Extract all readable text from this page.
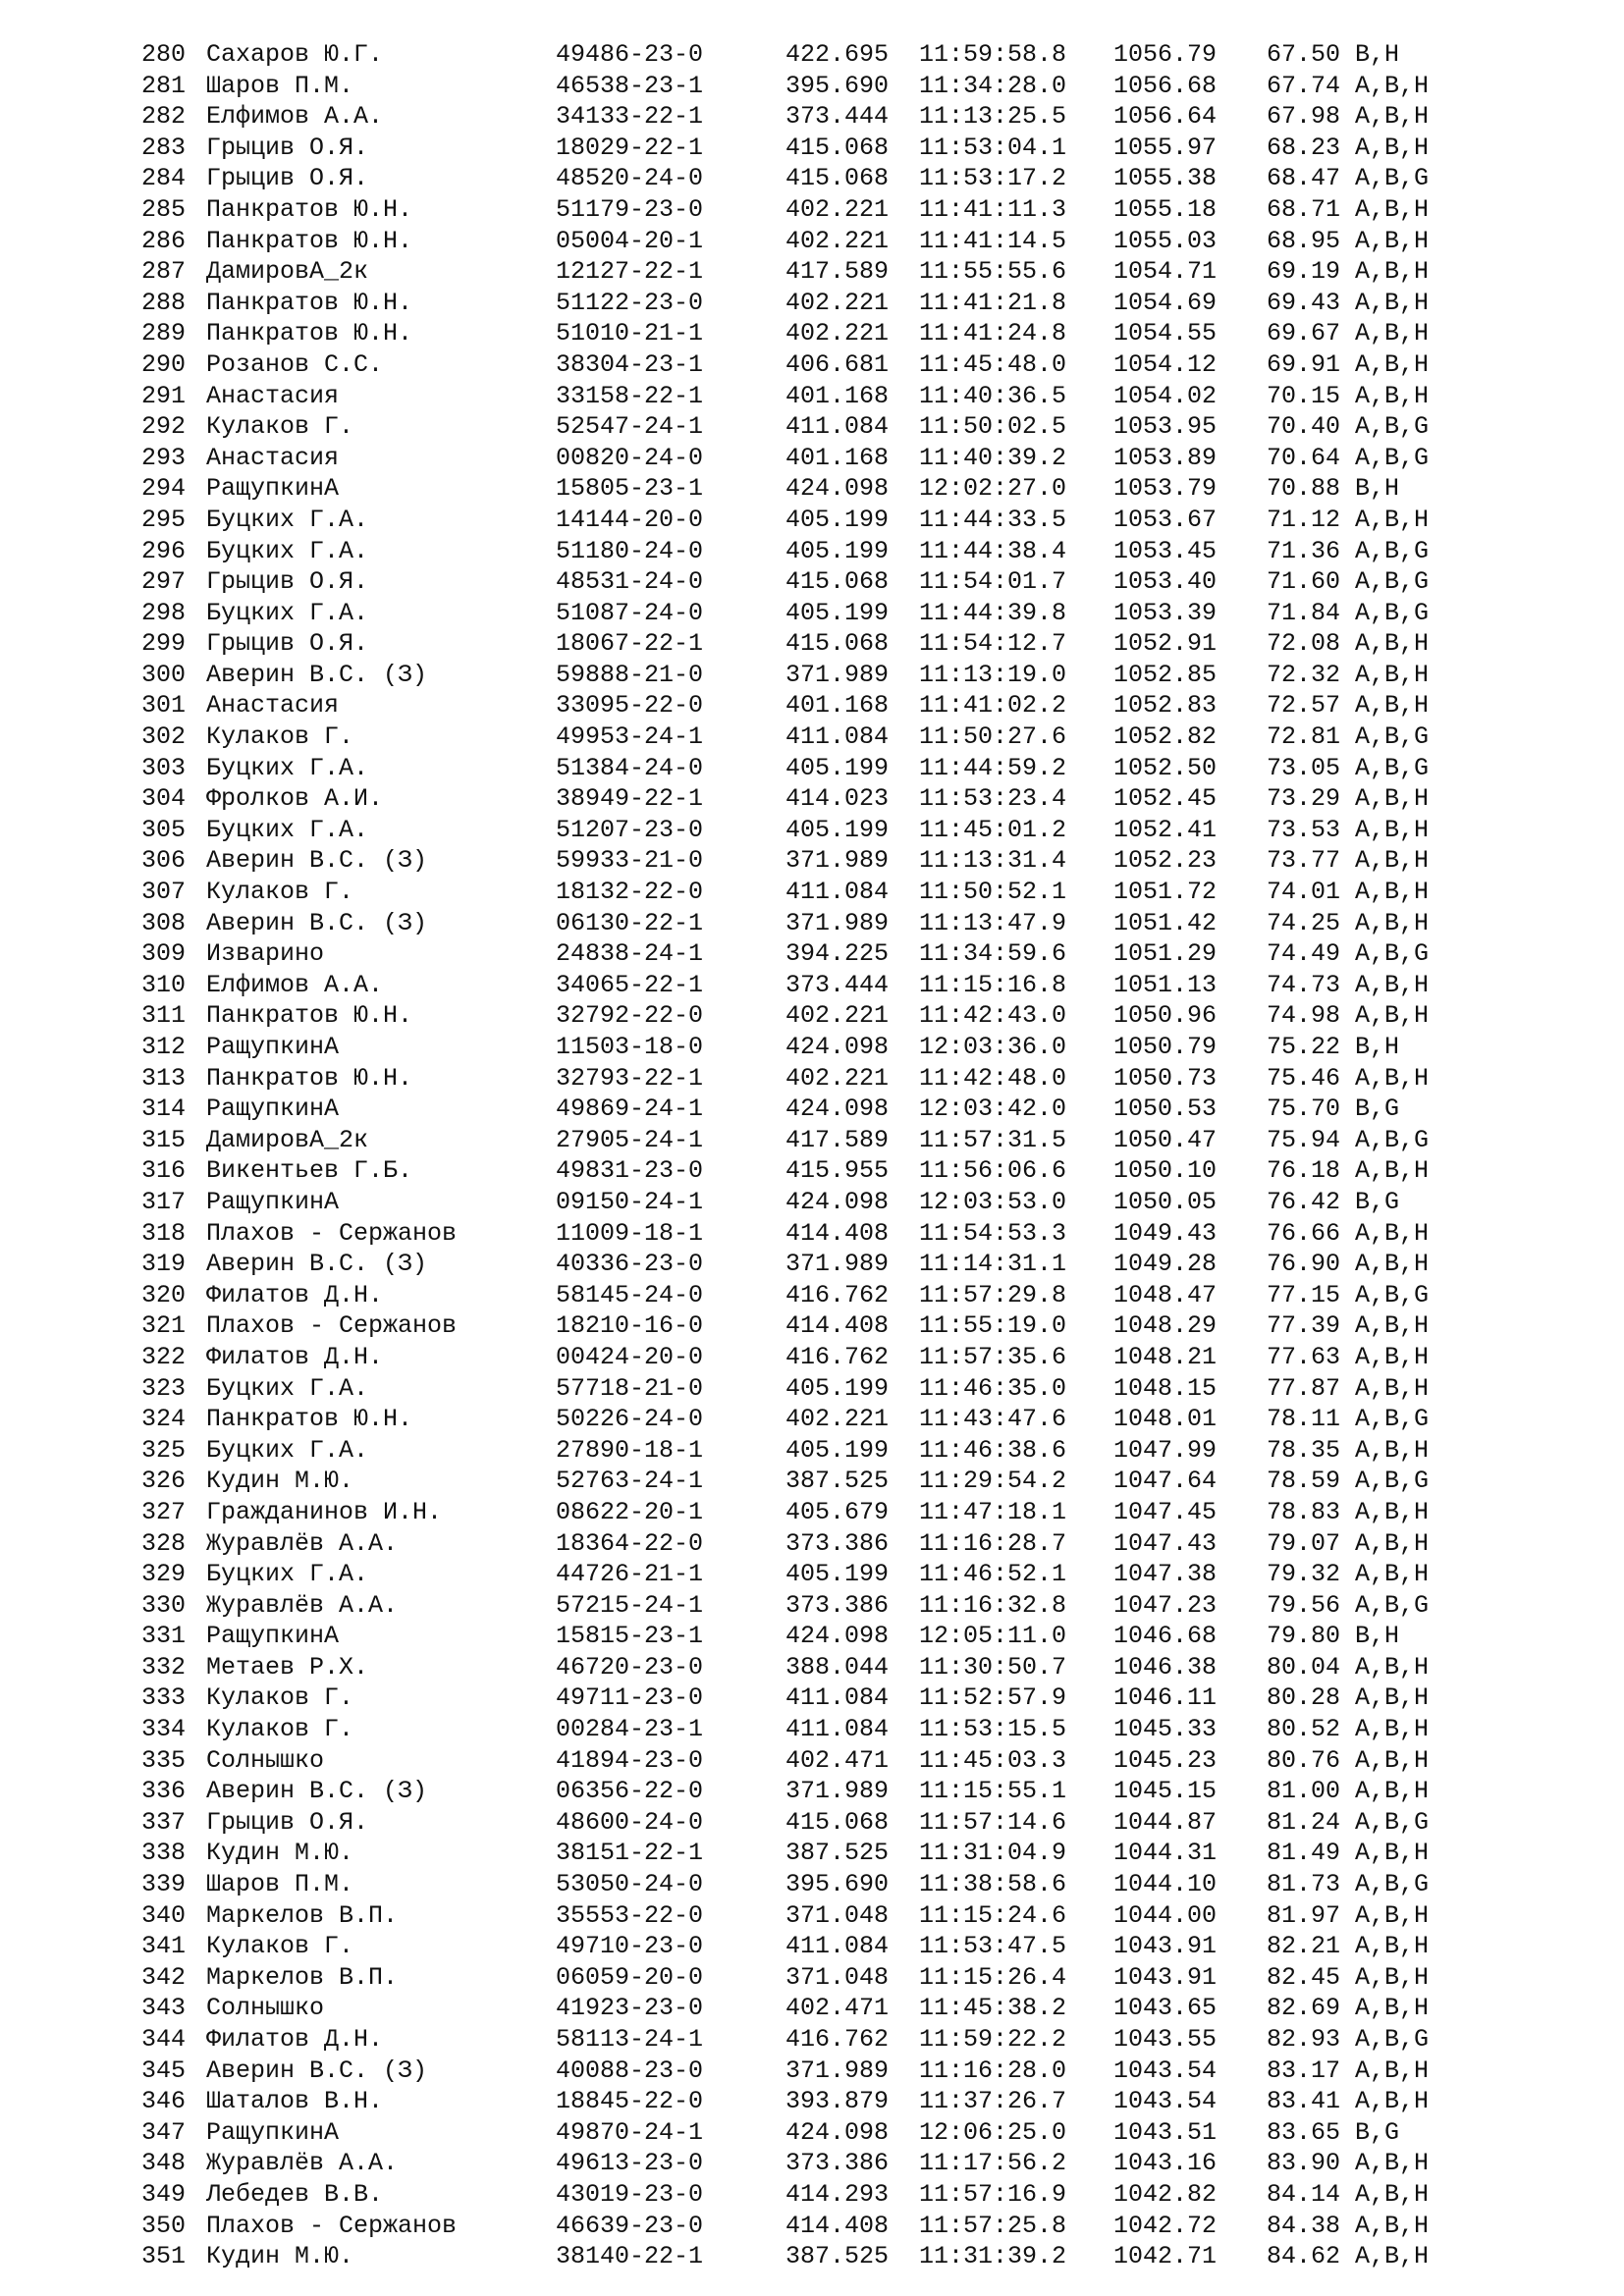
280 Сахаров Ю.Г.	49486-23-0	422.695 11:59:58.8 1056.79 67.50 B,H
281 Шаров П.М.	46538-23-1	395.690 11:34:28.0 1056.68 67.74 A,B,H
282 Елфимов А.А.	34133-22-1	373.444 11:13:25.5 1056.64 67.98 A,B,H
283 Грыцив О.Я.	18029-22-1	415.068 11:53:04.1 1055.97 68.23 A,B,H
284 Грыцив О.Я.	48520-24-0	415.068 11:53:17.2 1055.38 68.47 A,B,G
285 Панкратов Ю.Н.	51179-23-0	402.221 11:41:11.3 1055.18 68.71 A,B,H
286 Панкратов Ю.Н.	05004-20-1	402.221 11:41:14.5 1055.03 68.95 A,B,H
287 ДамировА_2к	12127-22-1	417.589 11:55:55.6 1054.71 69.19 A,B,H
288 Панкратов Ю.Н.	51122-23-0	402.221 11:41:21.8 1054.69 69.43 A,B,H
289 Панкратов Ю.Н.	51010-21-1	402.221 11:41:24.8 1054.55 69.67 A,B,H
290 Розанов С.С.	38304-23-1	406.681 11:45:48.0 1054.12 69.91 A,B,H
291 Анастасия	33158-22-1	401.168 11:40:36.5 1054.02 70.15 A,B,H
292 Кулаков Г.	52547-24-1	411.084 11:50:02.5 1053.95 70.40 A,B,G
293 Анастасия	00820-24-0	401.168 11:40:39.2 1053.89 70.64 A,B,G
294 РащупкинА	15805-23-1	424.098 12:02:27.0 1053.79 70.88 B,H
295 Буцких Г.А.	14144-20-0	405.199 11:44:33.5 1053.67 71.12 A,B,H
296 Буцких Г.А.	51180-24-0	405.199 11:44:38.4 1053.45 71.36 A,B,G
297 Грыцив О.Я.	48531-24-0	415.068 11:54:01.7 1053.40 71.60 A,B,G
298 Буцких Г.А.	51087-24-0	405.199 11:44:39.8 1053.39 71.84 A,B,G
299 Грыцив О.Я.	18067-22-1	415.068 11:54:12.7 1052.91 72.08 A,B,H
300 Аверин В.С. (З)	59888-21-0	371.989 11:13:19.0 1052.85 72.32 A,B,H
301 Анастасия	33095-22-0	401.168 11:41:02.2 1052.83 72.57 A,B,H
302 Кулаков Г.	49953-24-1	411.084 11:50:27.6 1052.82 72.81 A,B,G
303 Буцких Г.А.	51384-24-0	405.199 11:44:59.2 1052.50 73.05 A,B,G
304 Фролков А.И.	38949-22-1	414.023 11:53:23.4 1052.45 73.29 A,B,H
305 Буцких Г.А.	51207-23-0	405.199 11:45:01.2 1052.41 73.53 A,B,H
306 Аверин В.С. (З)	59933-21-0	371.989 11:13:31.4 1052.23 73.77 A,B,H
307 Кулаков Г.	18132-22-0	411.084 11:50:52.1 1051.72 74.01 A,B,H
308 Аверин В.С. (З)	06130-22-1	371.989 11:13:47.9 1051.42 74.25 A,B,H
309 Изварино	24838-24-1	394.225 11:34:59.6 1051.29 74.49 A,B,G
310 Елфимов А.А.	34065-22-1	373.444 11:15:16.8 1051.13 74.73 A,B,H
311 Панкратов Ю.Н.	32792-22-0	402.221 11:42:43.0 1050.96 74.98 A,B,H
312 РащупкинА	11503-18-0	424.098 12:03:36.0 1050.79 75.22 B,H
313 Панкратов Ю.Н.	32793-22-1	402.221 11:42:48.0 1050.73 75.46 A,B,H
314 РащупкинА	49869-24-1	424.098 12:03:42.0 1050.53 75.70 B,G
315 ДамировА_2к	27905-24-1	417.589 11:57:31.5 1050.47 75.94 A,B,G
316 Викентьев Г.Б.	49831-23-0	415.955 11:56:06.6 1050.10 76.18 A,B,H
317 РащупкинА	09150-24-1	424.098 12:03:53.0 1050.05 76.42 B,G
318 Плахов - Сержанов	11009-18-1	414.408 11:54:53.3 1049.43 76.66 A,B,H
319 Аверин В.С. (З)	40336-23-0	371.989 11:14:31.1 1049.28 76.90 A,B,H
320 Филатов Д.Н.	58145-24-0	416.762 11:57:29.8 1048.47 77.15 A,B,G
321 Плахов - Сержанов	18210-16-0	414.408 11:55:19.0 1048.29 77.39 A,B,H
322 Филатов Д.Н.	00424-20-0	416.762 11:57:35.6 1048.21 77.63 A,B,H
323 Буцких Г.А.	57718-21-0	405.199 11:46:35.0 1048.15 77.87 A,B,H
324 Панкратов Ю.Н.	50226-24-0	402.221 11:43:47.6 1048.01 78.11 A,B,G
325 Буцких Г.А.	27890-18-1	405.199 11:46:38.6 1047.99 78.35 A,B,H
326 Кудин М.Ю.	52763-24-1	387.525 11:29:54.2 1047.64 78.59 A,B,G
327 Гражданинов И.Н.	08622-20-1	405.679 11:47:18.1 1047.45 78.83 A,B,H
328 Журавлёв А.А.	18364-22-0	373.386 11:16:28.7 1047.43 79.07 A,B,H
329 Буцких Г.А.	44726-21-1	405.199 11:46:52.1 1047.38 79.32 A,B,H
330 Журавлёв А.А.	57215-24-1	373.386 11:16:32.8 1047.23 79.56 A,B,G
331 РащупкинА	15815-23-1	424.098 12:05:11.0 1046.68 79.80 B,H
332 Метаев Р.Х.	46720-23-0	388.044 11:30:50.7 1046.38 80.04 A,B,H
333 Кулаков Г.	49711-23-0	411.084 11:52:57.9 1046.11 80.28 A,B,H
334 Кулаков Г.	00284-23-1	411.084 11:53:15.5 1045.33 80.52 A,B,H
335 Солнышко	41894-23-0	402.471 11:45:03.3 1045.23 80.76 A,B,H
336 Аверин В.С. (З)	06356-22-0	371.989 11:15:55.1 1045.15 81.00 A,B,H
337 Грыцив О.Я.	48600-24-0	415.068 11:57:14.6 1044.87 81.24 A,B,G
338 Кудин М.Ю.	38151-22-1	387.525 11:31:04.9 1044.31 81.49 A,B,H
339 Шаров П.М.	53050-24-0	395.690 11:38:58.6 1044.10 81.73 A,B,G
340 Маркелов В.П.	35553-22-0	371.048 11:15:24.6 1044.00 81.97 A,B,H
341 Кулаков Г.	49710-23-0	411.084 11:53:47.5 1043.91 82.21 A,B,H
342 Маркелов В.П.	06059-20-0	371.048 11:15:26.4 1043.91 82.45 A,B,H
343 Солнышко	41923-23-0	402.471 11:45:38.2 1043.65 82.69 A,B,H
344 Филатов Д.Н.	58113-24-1	416.762 11:59:22.2 1043.55 82.93 A,B,G
345 Аверин В.С. (З)	40088-23-0	371.989 11:16:28.0 1043.54 83.17 A,B,H
346 Шаталов В.Н.	18845-22-0	393.879 11:37:26.7 1043.54 83.41 A,B,H
347 РащупкинА	49870-24-1	424.098 12:06:25.0 1043.51 83.65 B,G
348 Журавлёв А.А.	49613-23-0	373.386 11:17:56.2 1043.16 83.90 A,B,H
349 Лебедев В.В.	43019-23-0	414.293 11:57:16.9 1042.82 84.14 A,B,H
350 Плахов - Сержанов	46639-23-0	414.408 11:57:25.8 1042.72 84.38 A,B,H
351 Кудин М.Ю.	38140-22-1	387.525 11:31:39.2 1042.71 84.62 A,B,H
